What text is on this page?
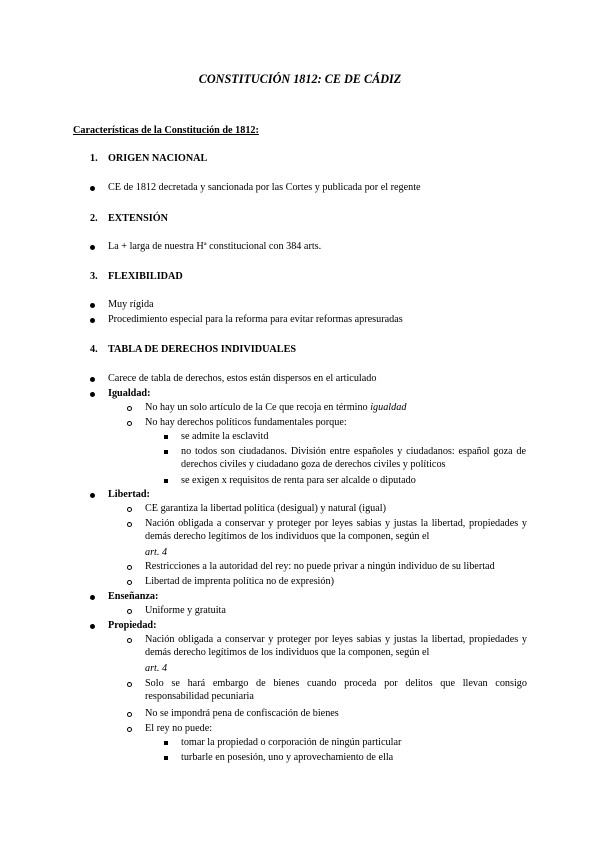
CONSTITUCIÓN 1812: CE DE CÁDIZ
Características de la Constitución de 1812:
1. ORIGEN NACIONAL
CE de 1812 decretada y sancionada por las Cortes y publicada por el regente
2. EXTENSIÓN
La + larga de nuestra Hª constitucional con 384 arts.
3. FLEXIBILIDAD
Muy rígida
Procedimiento especial para la reforma para evitar reformas apresuradas
4. TABLA DE DERECHOS INDIVIDUALES
Carece de tabla de derechos, estos están dispersos en el articulado
Igualdad:
No hay un solo artículo de la Ce que recoja en término igualdad
No hay derechos políticos fundamentales porque:
se admite la esclavitd
no todos son ciudadanos. División entre españoles y ciudadanos: español goza de derechos civiles y ciudadano goza de derechos civiles y políticos
se exigen x requisitos de renta para ser alcalde o diputado
Libertad:
CE garantiza la libertad política (desigual) y natural (igual)
Nación obligada a conservar y proteger por leyes sabias y justas la libertad, propiedades y demás derecho legítimos de los individuos que la componen, según el
art. 4
Restricciones a la autoridad del rey: no puede privar a ningún individuo de su libertad
Libertad de imprenta política no de expresión)
Enseñanza:
Uniforme y gratuita
Propiedad:
Nación obligada a conservar y proteger por leyes sabias y justas la libertad, propiedades y demás derecho legítimos de los individuos que la componen, según el
art. 4
Solo se hará embargo de bienes cuando proceda por delitos que llevan consigo responsabilidad pecuniaria
No se impondrá pena de confiscación de bienes
El rey no puede:
tomar la propiedad o corporación de ningún particular
turbarle en posesión, uno y aprovechamiento de ella
